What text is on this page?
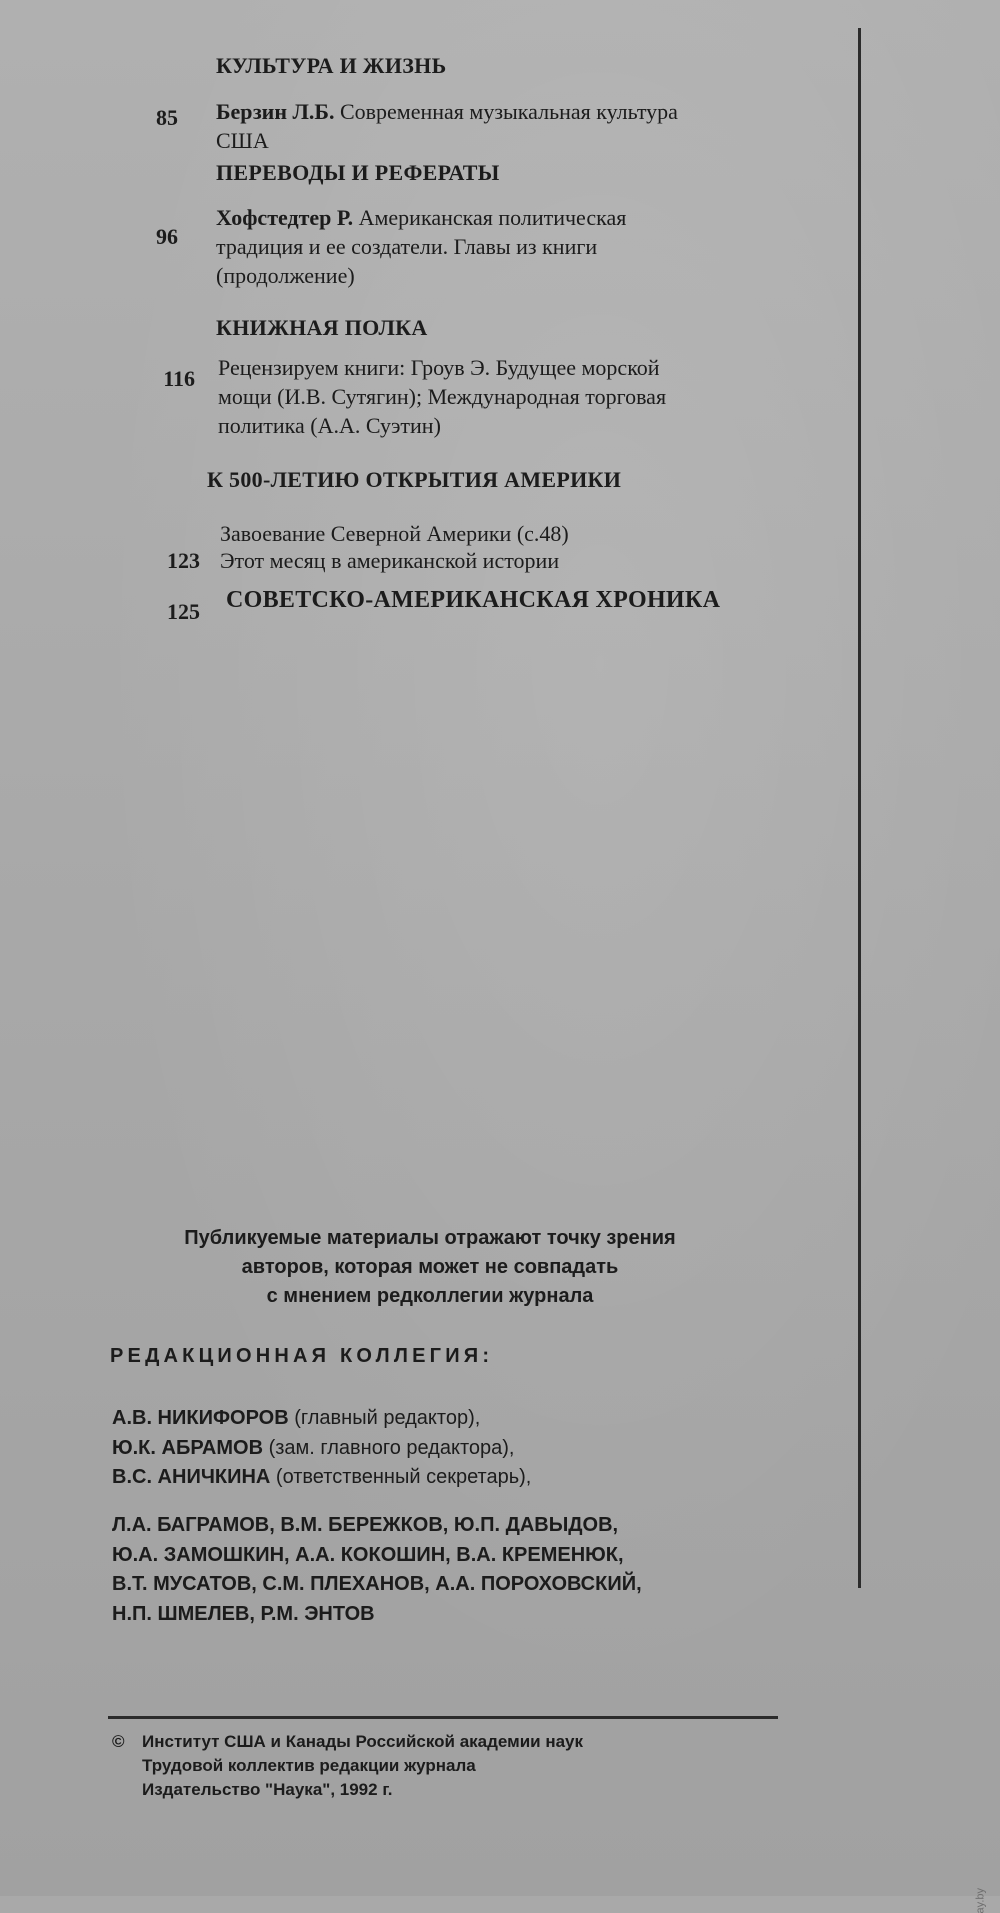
КУЛЬТУРА И ЖИЗНЬ
85 Берзин Л.Б. Современная музыкальная культура
США
ПЕРЕВОДЫ И РЕФЕРАТЫ
96
Хофстедтер Р. Американская политическая
традиция и ее создатели. Главы из книги
(продолжение)
КНИЖНАЯ ПОЛКА
116 Рецензируем книги: Гроув Э. Будущее морской
мощи (И.В. Сутягин); Международная торговая
политика (А.А. Суэтин)
К 500-ЛЕТИЮ ОТКРЫТИЯ АМЕРИКИ
Завоевание Северной Америки (с.48)
123 Этот месяц в американской истории
125 СОВЕТСКО-АМЕРИКАНСКАЯ ХРОНИКА
Публикуемые материалы отражают точку зрения
авторов, которая может не совпадать
с мнением редколлегии журнала
РЕДАКЦИОННАЯ КОЛЛЕГИЯ:
А.В. НИКИФОРОВ (главный редактор),
Ю.К. АБРАМОВ (зам. главного редактора),
В.С. АНИЧКИНА (ответственный секретарь),
Л.А. БАГРАМОВ, В.М. БЕРЕЖКОВ, Ю.П. ДАВЫДОВ,
Ю.А. ЗАМОШКИН, А.А. КОКОШИН, В.А. КРЕМЕНЮК,
В.Т. МУСАТОВ, С.М. ПЛЕХАНОВ, А.А. ПОРОХОВСКИЙ,
Н.П. ШМЕЛЕВ, Р.М. ЭНТОВ
© Институт США и Канады Российской академии наук
Трудовой коллектив редакции журнала
Издательство "Наука", 1992 г.
ay.by
